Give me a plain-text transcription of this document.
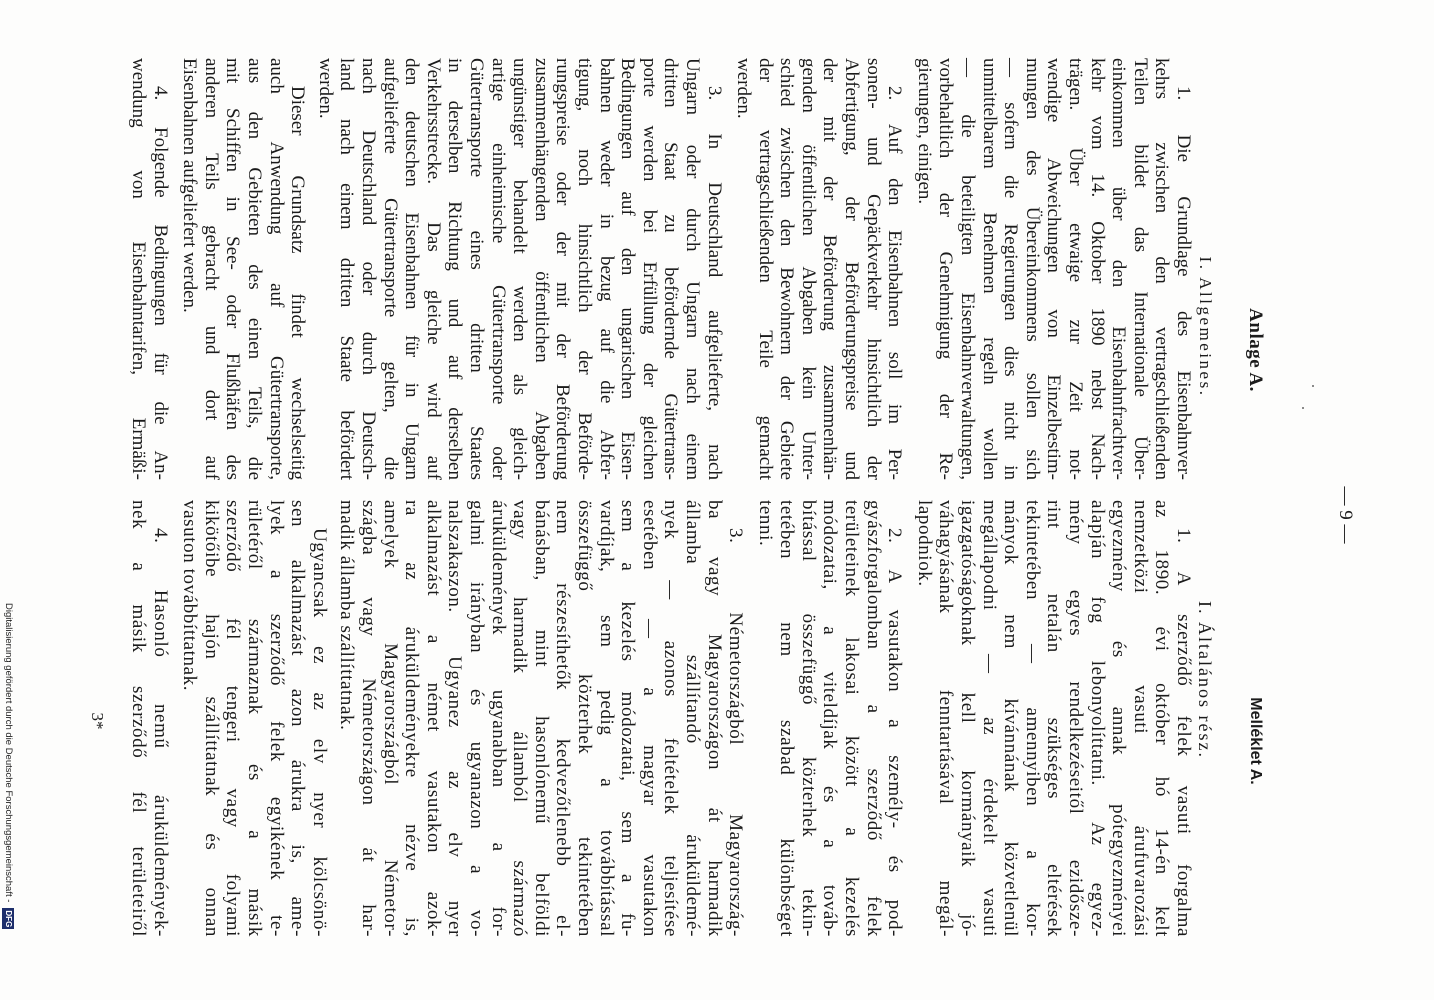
— 9 —
Anlage A.
Melléklet A.
I. Allgemeines.
I. Általános rész.
1. Die Grundlage des Eisenbahnver-
kehrs zwischen den vertragschließenden
Teilen bildet das Internationale Über-
einkommen über den Eisenbahnfrachtver-
kehr vom 14. Oktober 1890 nebst Nach-
trägen. Über etwaige zur Zeit not-
wendige Abweichungen von Einzelbestim-
mungen des Übereinkommens sollen sich
— sofern die Regierungen dies nicht in
unmittelbarem Benehmen regeln wollen
— die beteiligten Eisenbahnverwaltungen,
vorbehaltlich der Genehmigung der Re-
gierungen, einigen.
2. Auf den Eisenbahnen soll im Per-
sonen- und Gepäckverkehr hinsichtlich der
Abfertigung, der Beförderungspreise und
der mit der Beförderung zusammenhän-
genden öffentlichen Abgaben kein Unter-
schied zwischen den Bewohnern der Gebiete
der vertragschließenden Teile gemacht
werden.
3. In Deutschland aufgelieferte, nach
Ungarn oder durch Ungarn nach einem
dritten Staat zu befördernde Gütertrans-
porte werden bei Erfüllung der gleichen
Bedingungen auf den ungarischen Eisen-
bahnen weder in bezug auf die Abfer-
tigung, noch hinsichtlich der Beförde-
rungspreise oder der mit der Beförderung
zusammenhängenden öffentlichen Abgaben
ungünstiger behandelt werden als gleich-
artige einheimische Gütertransporte oder
Gütertransporte eines dritten Staates
in derselben Richtung und auf derselben
Verkehrsstrecke. Das gleiche wird auf
den deutschen Eisenbahnen für in Ungarn
aufgelieferte Gütertransporte gelten, die
nach Deutschland oder durch Deutsch-
land nach einem dritten Staate befördert
werden.
Dieser Grundsatz findet wechselseitig
auch Anwendung auf Gütertransporte,
aus den Gebieten des einen Teils, die
mit Schiffen in See- oder Flußhäfen des
anderen Teils gebracht und dort auf
Eisenbahnen aufgeliefert werden.
4. Folgende Bedingungen für die An-
wendung von Eisenbahntarifen, Ermäßi-
1. A szerződő felek vasuti forgalma
az 1890. évi október hó 14-én kelt
nemzetközi vasuti árufuvarozási
egyezmény és annak pótegyezményei
alapján fog lebonyolíttatni. Az egyez-
mény egyes rendelkezéseitől ezidősze-
rint netalán szükséges eltérések
tekintetében — amennyiben a kor-
mányok nem kívánnának közvetlenül
megállapodni — az érdekelt vasuti
igazgatóságoknak kell kormányaik jó-
váhagyásának fenntartásával megál-
lapodniok.
2. A vasutakon a személy- és pod-
gyászforgalomban a szerződő felek
területeinek lakosai között a kezelés
módozatai, a viteldíjak és a továb-
bítással összefüggő közterhek tekin-
tetében nem szabad különbséget
tenni.
3. Németországból Magyarország-
ba vagy Magyarországon át harmadik
államba szállítandó áruküldemé-
nyek — azonos feltételek teljesítése
esetében — a magyar vasutakon
sem a kezelés módozatai, sem a fu-
vardíjak, sem pedig a továbbítással
összefüggő közterhek tekintetében
nem részesíthetők kedvezőtlenebb el-
bánásban, mint hasonlónemű belföldi
vagy harmadik államból származó
áruküldemények ugyanabban a for-
galmi irányban és ugyanazon a vo-
nalszakaszon. Ugyanez az elv nyer
alkalmazást a német vasutakon azok-
ra az áruküldeményekre nézve is,
amelyek Magyarországból Németor-
szágba vagy Németországon át har-
madik államba szállíttatnak.
Ugyancsak ez az elv nyer kölcsönö-
sen alkalmazást azon árukra is, ame-
lyek a szerződő felek egyikének te-
rületéről származnak és a másik
szerződő fél tengeri vagy folyami
kikötőibe hajón szállíttatnak és onnan
vasuton továbbíttatnak.
4. Hasonló nemű áruküldemények-
nek a másik szerződő fél területeiről
3*
Digitalisierung gefördert durch die Deutsche Forschungsgemeinschaft -
DFG
